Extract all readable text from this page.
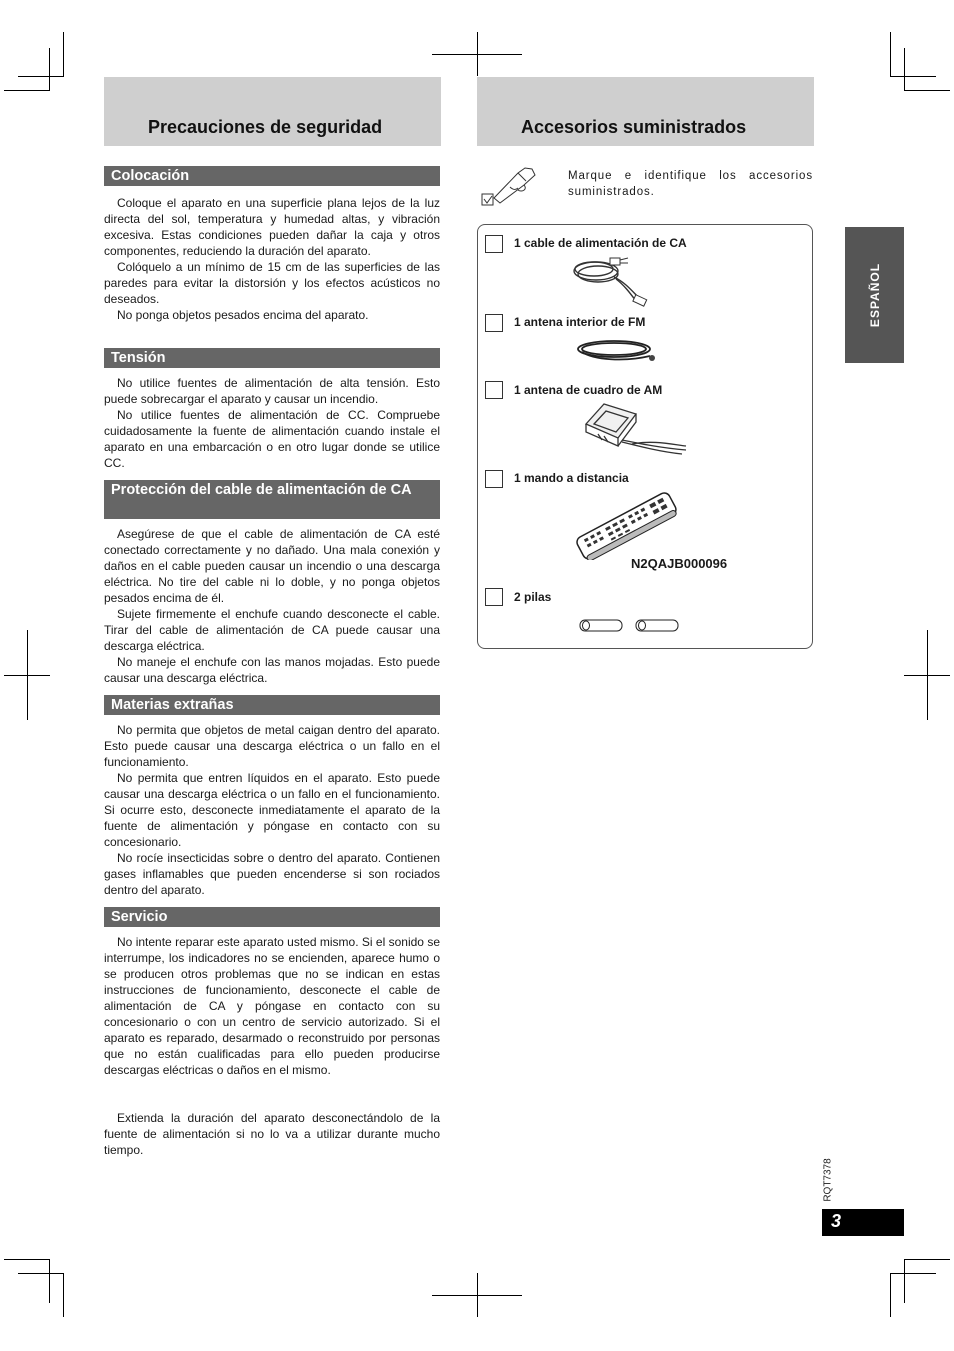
Precauciones de seguridad
Colocación

Coloque el aparato en una superficie plana lejos de la luz directa del sol, temperatura y humedad altas, y vibración excesiva. Estas condiciones pueden dañar la caja y otros componentes, reduciendo la duración del aparato.

Colóquelo a un mínimo de 15 cm de las superficies de las paredes para evitar la distorsión y los efectos acústicos no deseados.

No ponga objetos pesados encima del aparato.

Tensión

No utilice fuentes de alimentación de alta tensión. Esto puede sobrecargar el aparato y causar un incendio.

No utilice fuentes de alimentación de CC. Compruebe cuidadosamente la fuente de alimentación cuando instale el aparato en una embarcación o en otro lugar donde se utilice CC.

Protección del cable de alimentación de CA

Asegúrese de que el cable de alimentación de CA esté conectado correctamente y no dañado. Una mala conexión y daños en el cable pueden causar un incendio o una descarga eléctrica. No tire del cable ni lo doble, y no ponga objetos pesados encima de él.

Sujete firmemente el enchufe cuando desconecte el cable. Tirar del cable de alimentación de CA puede causar una descarga eléctrica.

No maneje el enchufe con las manos mojadas. Esto puede causar una descarga eléctrica.

Materias extrañas

No permita que objetos de metal caigan dentro del aparato. Esto puede causar una descarga eléctrica o un fallo en el funcionamiento.

No permita que entren líquidos en el aparato. Esto puede causar una descarga eléctrica o un fallo en el funcionamiento. Si ocurre esto, desconecte inmediatamente el aparato de la fuente de alimentación y póngase en contacto con su concesionario.

No rocíe insecticidas sobre o dentro del aparato. Contienen gases inflamables que pueden encenderse si son rociados dentro del aparato.

Servicio

No intente reparar este aparato usted mismo. Si el sonido se interrumpe, los indicadores no se encienden, aparece humo o se producen otros problemas que no se indican en estas instrucciones de funcionamiento, desconecte el cable de alimentación de CA y póngase en contacto con su concesionario o con un centro de servicio autorizado. Si el aparato es reparado, desarmado o reconstruido por personas que no están cualificadas para ello pueden producirse descargas eléctricas o daños en el mismo.

Extienda la duración del aparato desconectándolo de la fuente de alimentación si no lo va a utilizar durante mucho tiempo.

Accesorios suministrados
Marque e identifique los accesorios suministrados.
1 cable de alimentación de CA
1 antena interior de FM
1 antena de cuadro de AM
1 mando a distancia
N2QAJB000096
2 pilas
ESPAÑOL
RQT7378
3
